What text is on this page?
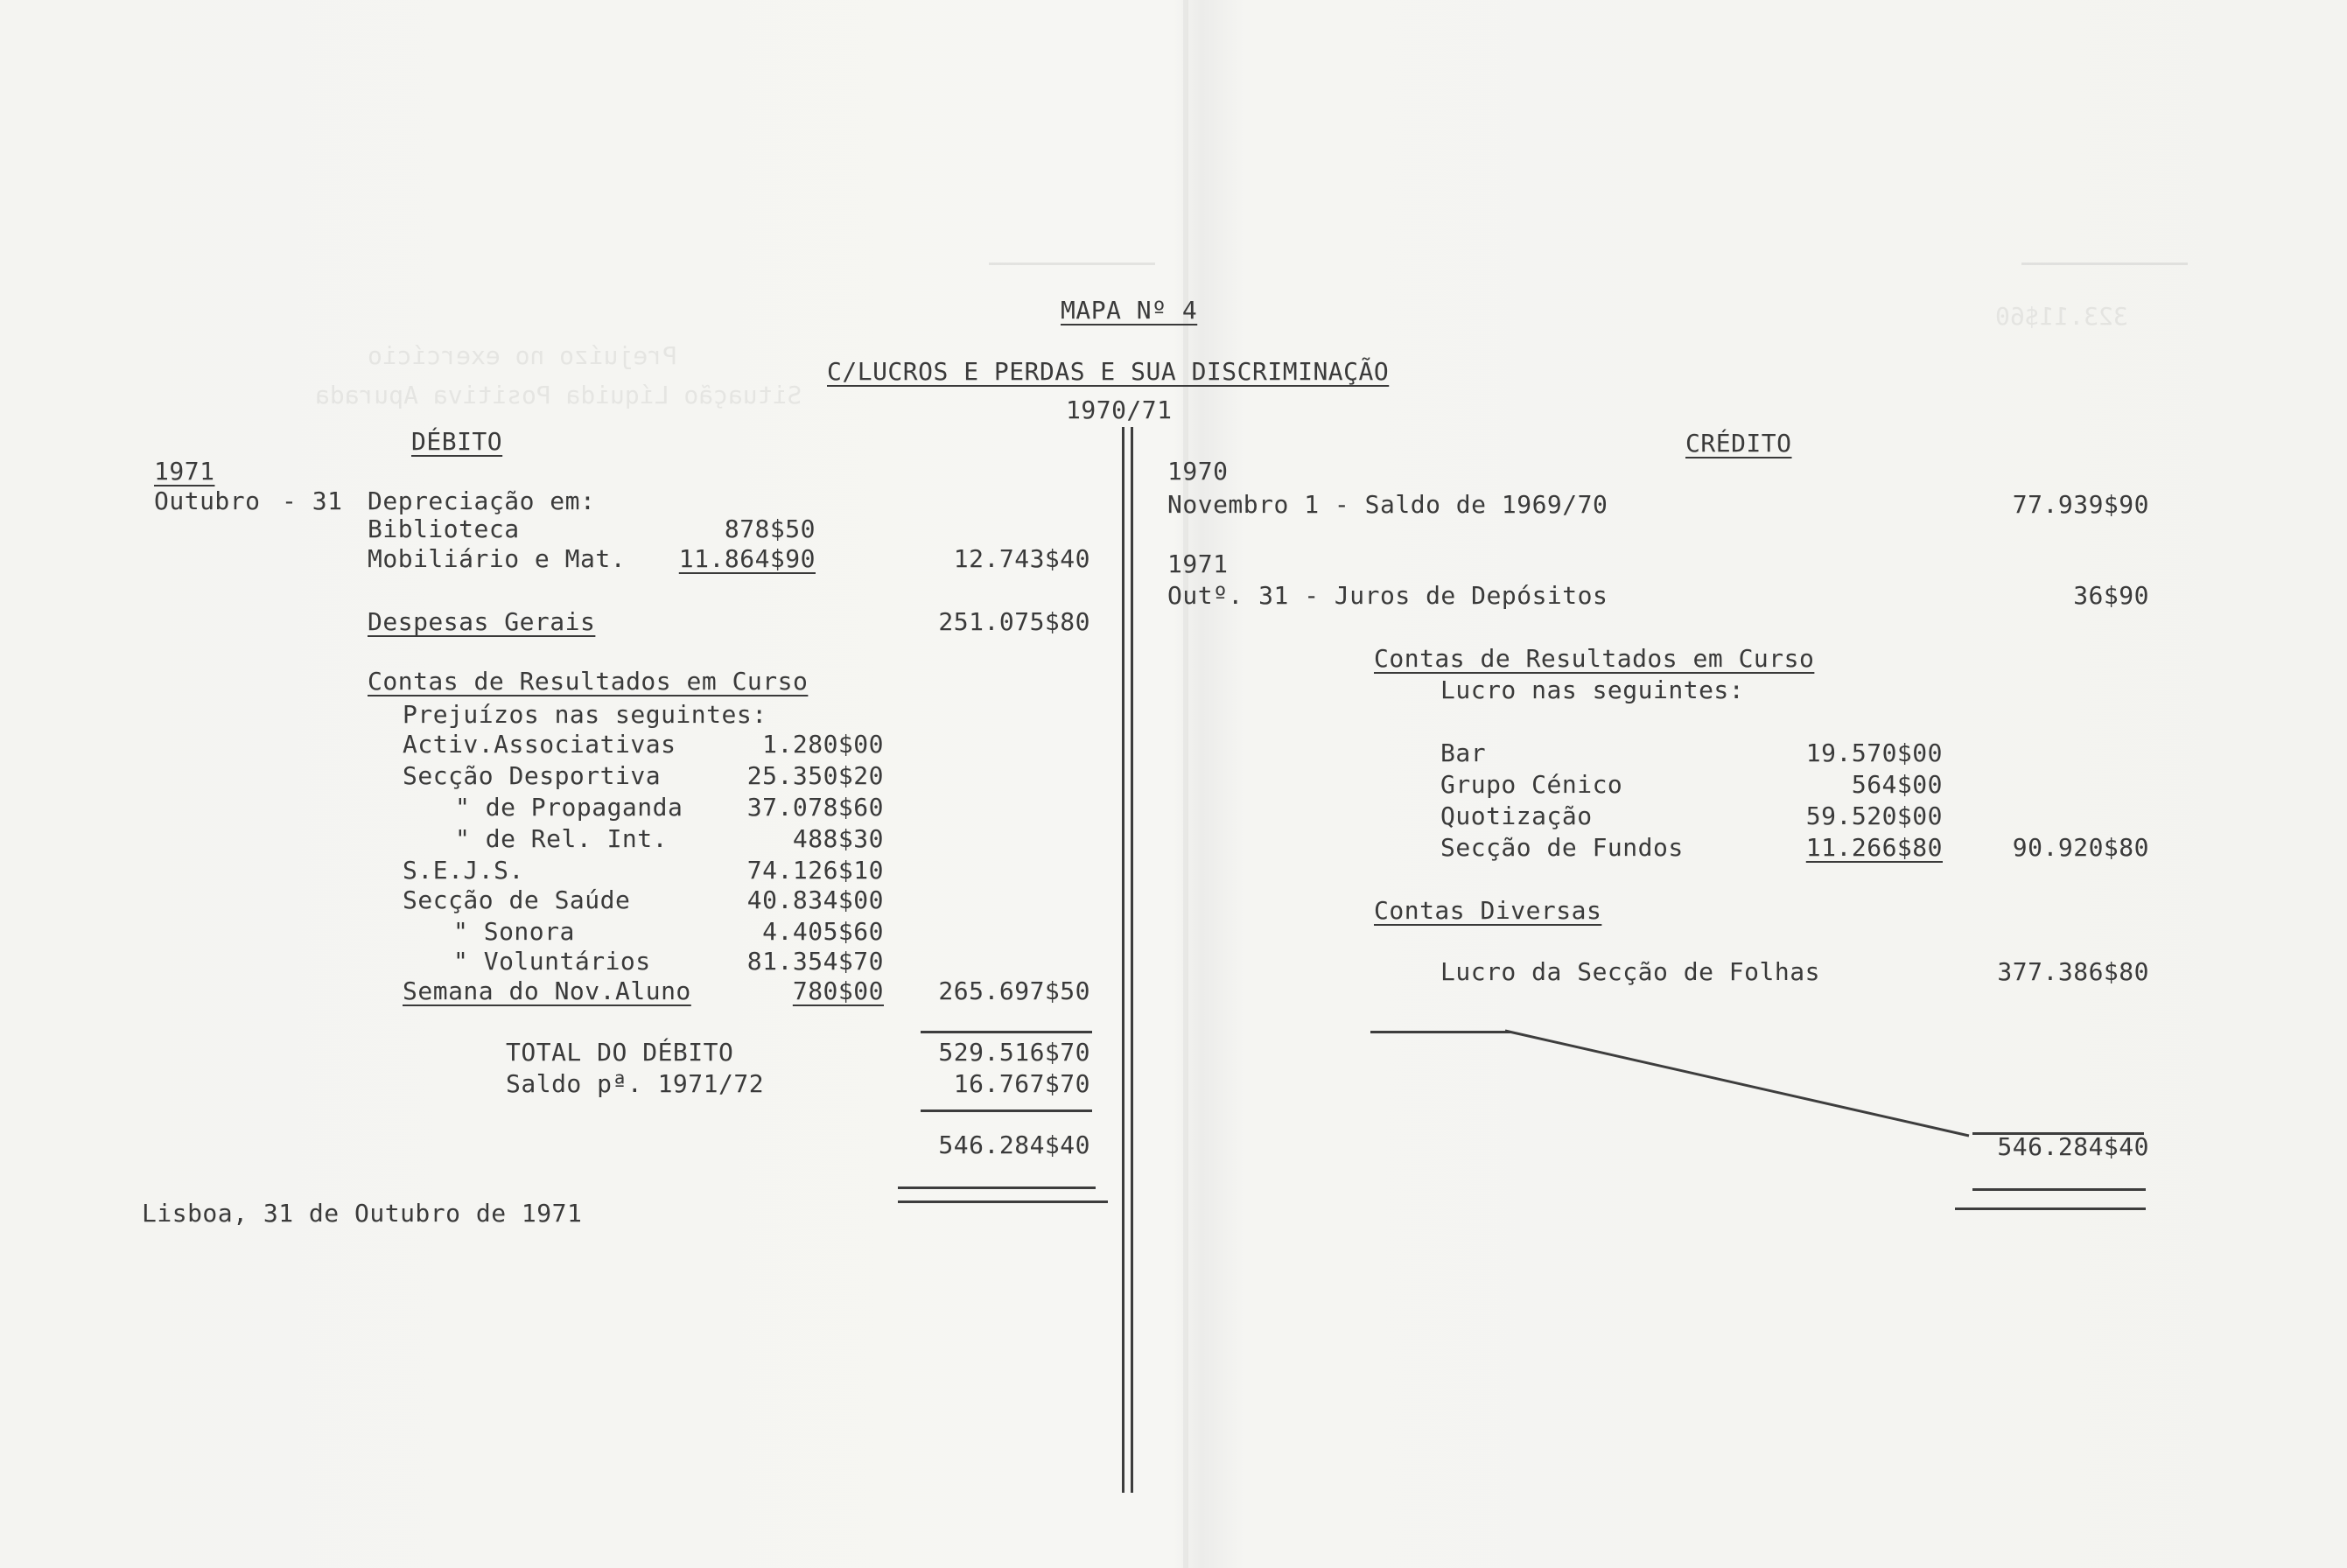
Prejuízo no exercício
Situação Líquida Positiva Apurada
323.11$60
MAPA Nº 4
C/LUCROS E PERDAS E SUA DISCRIMINAÇÃO
1970/71
DÉBITO
1971
Outubro - 31 Depreciação em:
Biblioteca	878$50
Mobiliário e Mat.	11.864$90	12.743$40
Despesas Gerais	251.075$80
Contas de Resultados em Curso
Prejuízos nas seguintes:
Activ.Associativas	1.280$00
Secção Desportiva	25.350$20
" de Propaganda	37.078$60
" de Rel. Int.	488$30
S.E.J.S.	74.126$10
Secção de Saúde	40.834$00
" Sonora	4.405$60
" Voluntários	81.354$70
Semana do Nov.Aluno	780$00	265.697$50
TOTAL DO DÉBITO	529.516$70
Saldo pª. 1971/72	16.767$70
546.284$40
Lisboa, 31 de Outubro de 1971
CRÉDITO
1970
Novembro 1 - Saldo de 1969/70	77.939$90
1971
Outº. 31 - Juros de Depósitos	36$90
Contas de Resultados em Curso
Lucro nas seguintes:
Bar	19.570$00
Grupo Cénico	564$00
Quotização	59.520$00
Secção de Fundos	11.266$80	90.920$80
Contas Diversas
Lucro da Secção de Folhas	377.386$80
546.284$40
